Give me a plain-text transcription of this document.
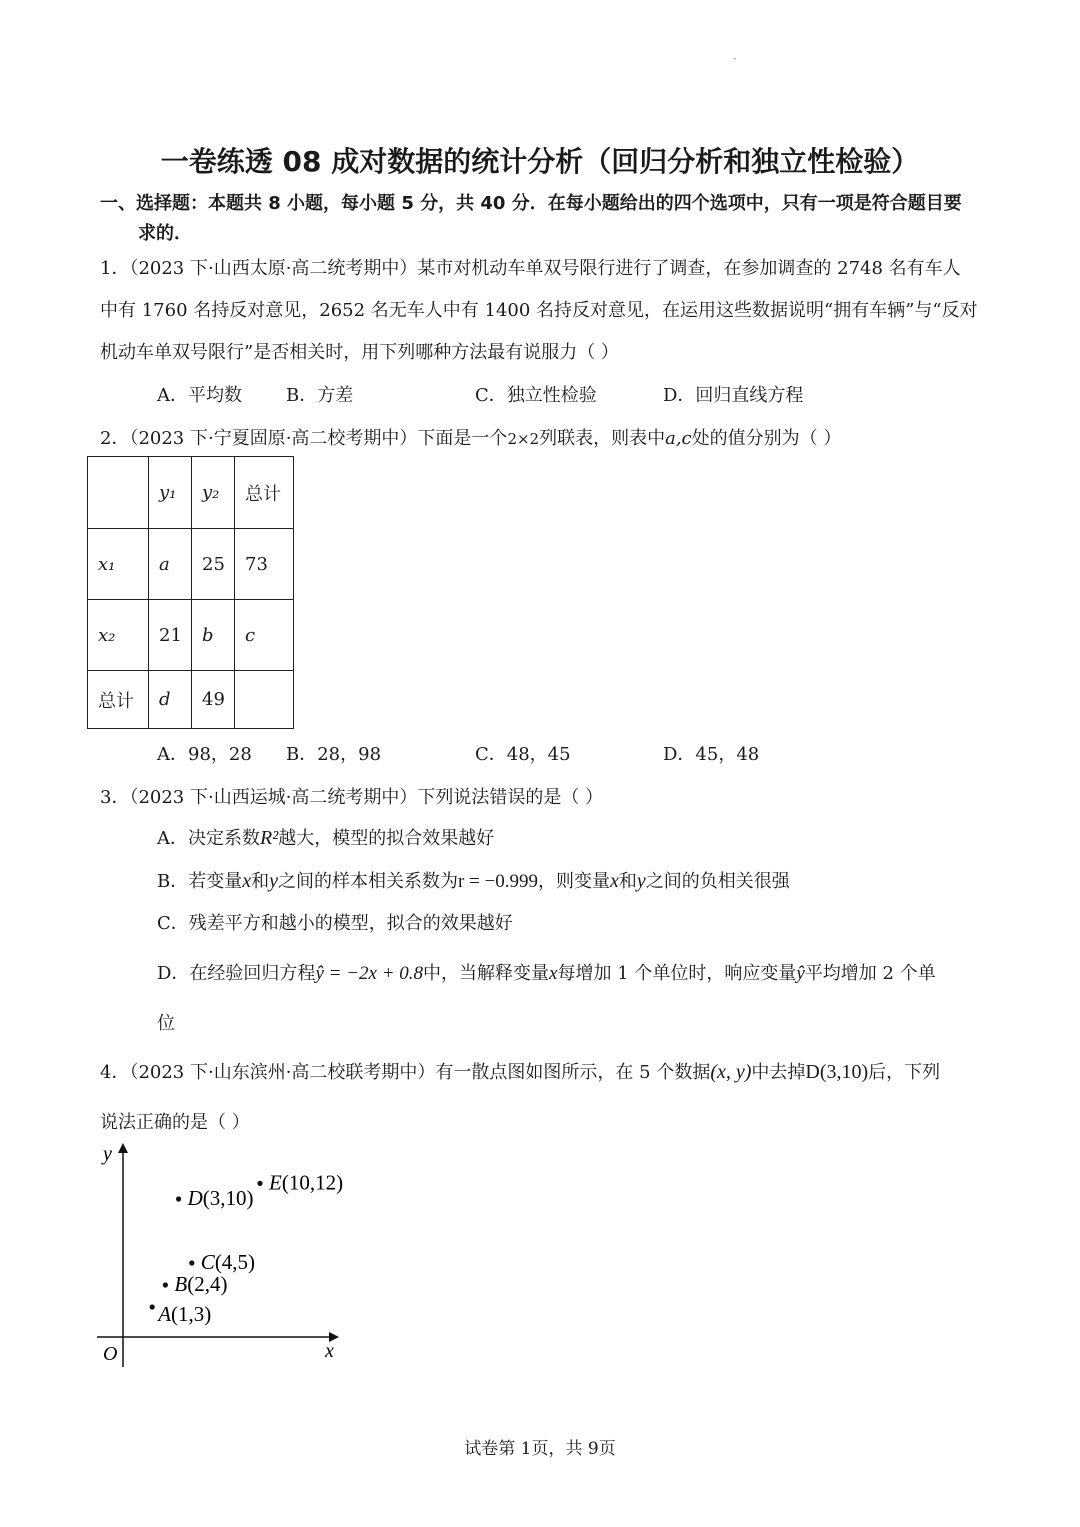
·
一卷练透 08 成对数据的统计分析（回归分析和独立性检验）
一、选择题：本题共 8 小题，每小题 5 分，共 40 分．在每小题给出的四个选项中，只有一项是符合题目要
求的．
1．（2023 下·山西太原·高二统考期中）某市对机动车单双号限行进行了调查，在参加调查的 2748 名有车人
中有 1760 名持反对意见，2652 名无车人中有 1400 名持反对意见，在运用这些数据说明“拥有车辆”与“反对
机动车单双号限行”是否相关时，用下列哪种方法最有说服力（ ）
A．平均数 B．方差	C．独立性检验	D．回归直线方程
2．（2023 下·宁夏固原·高二校考期中）下面是一个2×2列联表，则表中a,c处的值分别为（ ）
	y₁	y₂	总计
x₁	a	25	73
x₂	21	b	c
总计	d	49	
A．98，28 B．28，98	C．48，45	D．45，48
3．（2023 下·山西运城·高二统考期中）下列说法错误的是（ ）
A．决定系数R²越大，模型的拟合效果越好
B．若变量x和y之间的样本相关系数为r = −0.999，则变量x和y之间的负相关很强
C．残差平方和越小的模型，拟合的效果越好
D．在经验回归方程ŷ = −2x + 0.8中，当解释变量x每增加 1 个单位时，响应变量ŷ平均增加 2 个单
位
4．（2023 下·山东滨州·高二校联考期中）有一散点图如图所示，在 5 个数据(x, y)中去掉D(3,10)后，下列
说法正确的是（ ）
y
x
O
A(1,3)
B(2,4)
C(4,5)
D(3,10)
E(10,12)
试卷第 1页，共 9页
